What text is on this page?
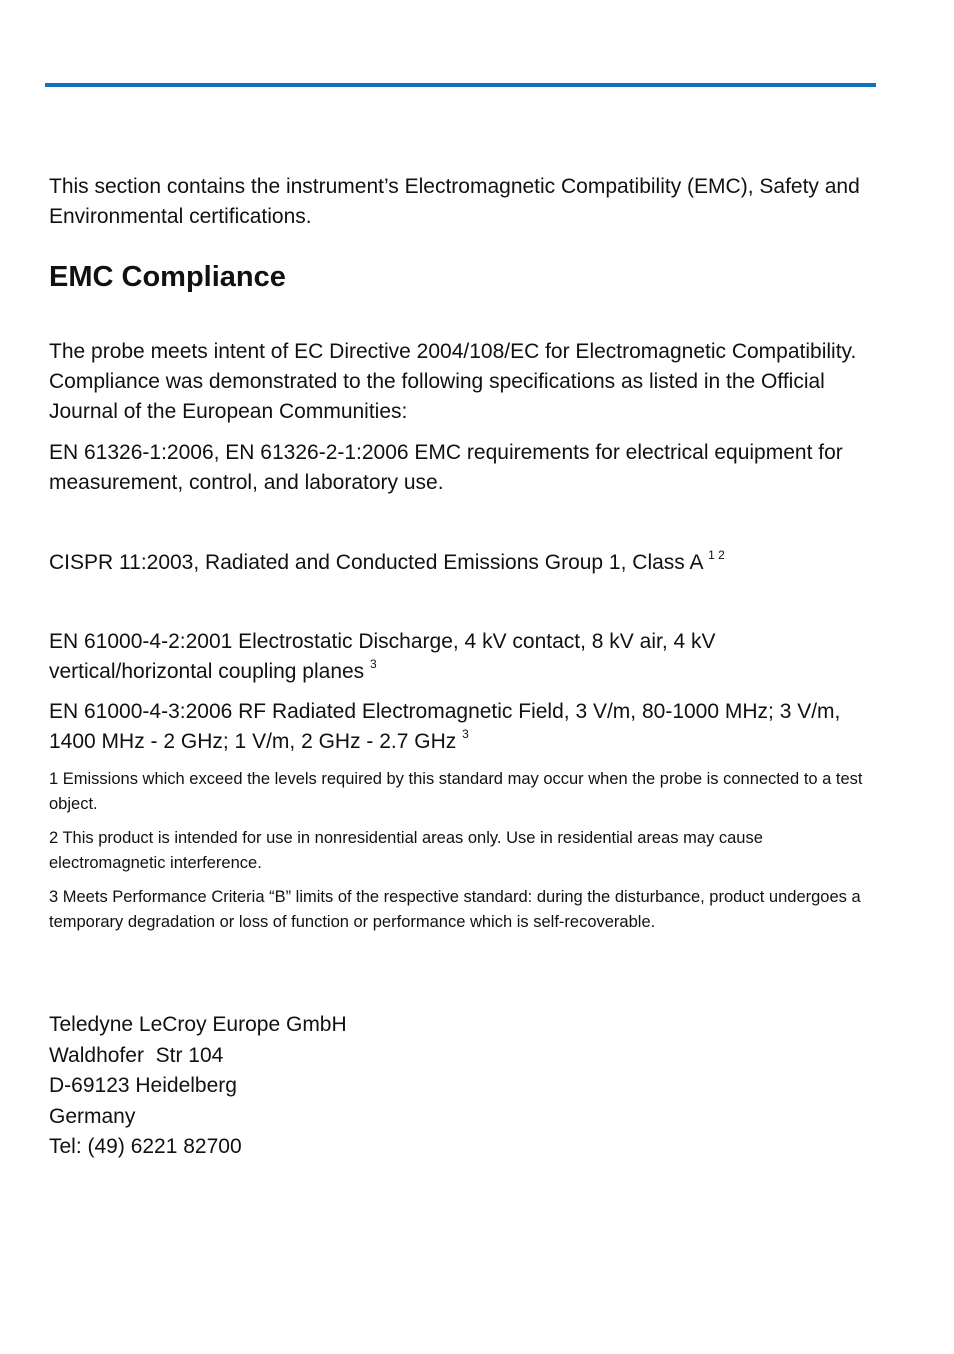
This section contains the instrument’s Electromagnetic Compatibility (EMC), Safety and Environmental certifications.

EMC Compliance

The probe meets intent of EC Directive 2004/108/EC for Electromagnetic Compatibility. Compliance was demonstrated to the following specifications as listed in the Official Journal of the European Communities:

EN 61326-1:2006, EN 61326-2-1:2006 EMC requirements for electrical equipment for measurement, control, and laboratory use.

CISPR 11:2003, Radiated and Conducted Emissions Group 1, Class A $^{1 2}$

EN 61000-4-2:2001 Electrostatic Discharge, 4 kV contact, 8 kV air, 4 kV vertical/horizontal coupling planes $^3$

EN 61000-4-3:2006 RF Radiated Electromagnetic Field, 3 V/m, 80-1000 MHz; 3 V/m, 1400 MHz - 2 GHz; 1 V/m, 2 GHz - 2.7 GHz $^3$

1 Emissions which exceed the levels required by this standard may occur when the probe is connected to a test object.

2 This product is intended for use in nonresidential areas only. Use in residential areas may cause electromagnetic interference.

3 Meets Performance Criteria “B” limits of the respective standard: during the disturbance, product undergoes a temporary degradation or loss of function or performance which is self-recoverable.

Teledyne LeCroy Europe GmbH
Waldhofer  Str 104
D-69123 Heidelberg
Germany
Tel: (49) 6221 82700
